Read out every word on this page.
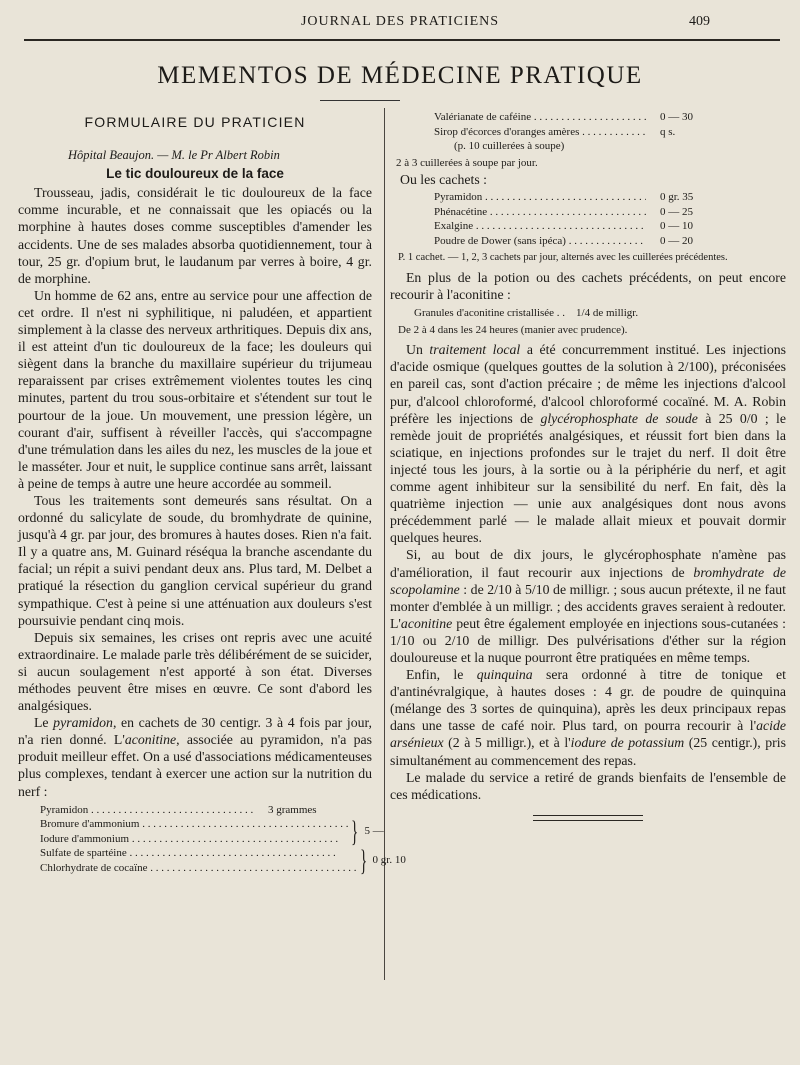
JOURNAL DES PRATICIENS	409
MEMENTOS DE MÉDECINE PRATIQUE
FORMULAIRE DU PRATICIEN

Hôpital Beaujon. — M. le Pr Albert Robin

Le tic douloureux de la face

Trousseau, jadis, considérait le tic douloureux de la face comme incurable, et ne connaissait que les opiacés ou la morphine à hautes doses comme susceptibles d'amender les accidents. Une de ses malades absorba quotidiennement, tour à tour, 25 gr. d'opium brut, le laudanum par verres à boire, 4 gr. de morphine.

Un homme de 62 ans, entre au service pour une affection de cet ordre. Il n'est ni syphilitique, ni paludéen, et appartient simplement à la classe des nerveux arthritiques. Depuis dix ans, il est atteint d'un tic douloureux de la face; les douleurs qui siègent dans la branche du maxillaire supérieur du trijumeau reparaissent par crises extrêmement violentes toutes les cinq minutes, partent du trou sous-orbitaire et s'étendent sur tout le pourtour de la joue. Un mouvement, une pression légère, un courant d'air, suffisent à réveiller l'accès, qui s'accompagne d'une trémulation dans les ailes du nez, les muscles de la joue et le masséter. Jour et nuit, le supplice continue sans arrêt, laissant à peine de temps à autre une heure accordée au sommeil.

Tous les traitements sont demeurés sans résultat. On a ordonné du salicylate de soude, du bromhydrate de quinine, jusqu'à 4 gr. par jour, des bromures à hautes doses. Rien n'a fait. Il y a quatre ans, M. Guinard réséqua la branche ascendante du facial; un répit a suivi pendant deux ans. Plus tard, M. Delbet a pratiqué la résection du ganglion cervical supérieur du grand sympathique. C'est à peine si une atténuation aux douleurs s'est poursuivie pendant cinq mois.

Depuis six semaines, les crises ont repris avec une acuité extraordinaire. Le malade parle très délibérément de se suicider, si aucun soulagement n'est apporté à son état. Diverses méthodes peuvent être mises en œuvre. Ce sont d'abord les analgésiques.

Le pyramidon, en cachets de 30 centigr. 3 à 4 fois par jour, n'a rien donné. L'aconitine, associée au pyramidon, n'a pas produit meilleur effet. On a usé d'associations médicamenteuses plus complexes, tendant à exercer une action sur la nutrition du nerf :

Pyramidon . . .	3 grammes
Bromure d'ammonium . . .
Iodure d'ammonium . . .	} 5 —
Sulfate de spartéine . . .
Chlorhydrate de cocaïne . . .	} 0 gr. 10
Valérianate de caféine . . .	0 — 30
Sirop d'écorces d'oranges amères . . .	q s.
(p. 10 cuillerées à soupe)
2 à 3 cuillerées à soupe par jour.
Ou les cachets :
Pyramidon . . .	0 gr. 35
Phénacétine . . .	0 — 25
Exalgine . . .	0 — 10
Poudre de Dower (sans ipéca) . . .	0 — 20

P. 1 cachet. — 1, 2, 3 cachets par jour, alternés avec les cuillerées précédentes.

En plus de la potion ou des cachets précédents, on peut encore recourir à l'aconitine :

Granules d'aconitine cristallisée . .    1/4 de milligr.
De 2 à 4 dans les 24 heures (manier avec prudence).

Un traitement local a été concurremment institué. Les injections d'acide osmique (quelques gouttes de la solution à 2/100), préconisées en pareil cas, sont d'action précaire ; de même les injections d'alcool pur, d'alcool chloroformé, d'alcool chloroformé cocaïné. M. A. Robin préfère les injections de glycérophosphate de soude à 25 0/0 ; le remède jouit de propriétés analgésiques, et réussit fort bien dans la sciatique, en injections profondes sur le trajet du nerf. Il doit être injecté tous les jours, à la sortie ou à la périphérie du nerf, et agit comme agent inhibiteur sur la sensibilité du nerf. En fait, dès la quatrième injection — unie aux analgésiques dont nous avons précédemment parlé — le malade allait mieux et pouvait dormir quelques heures.

Si, au bout de dix jours, le glycérophosphate n'amène pas d'amélioration, il faut recourir aux injections de bromhydrate de scopolamine : de 2/10 à 5/10 de milligr. ; sous aucun prétexte, il ne faut monter d'emblée à un milligr. ; des accidents graves seraient à redouter. L'aconitine peut être également employée en injections sous-cutanées : 1/10 ou 2/10 de milligr. Des pulvérisations d'éther sur la région douloureuse et la nuque pourront être pratiquées en même temps.

Enfin, le quinquina sera ordonné à titre de tonique et d'antinévralgique, à hautes doses : 4 gr. de poudre de quinquina (mélange des 3 sortes de quinquina), après les deux principaux repas dans une tasse de café noir. Plus tard, on pourra recourir à l'acide arsénieux (2 à 5 milligr.), et à l'iodure de potassium (25 centigr.), pris simultanément au commencement des repas.

Le malade du service a retiré de grands bienfaits de l'ensemble de ces médications.
